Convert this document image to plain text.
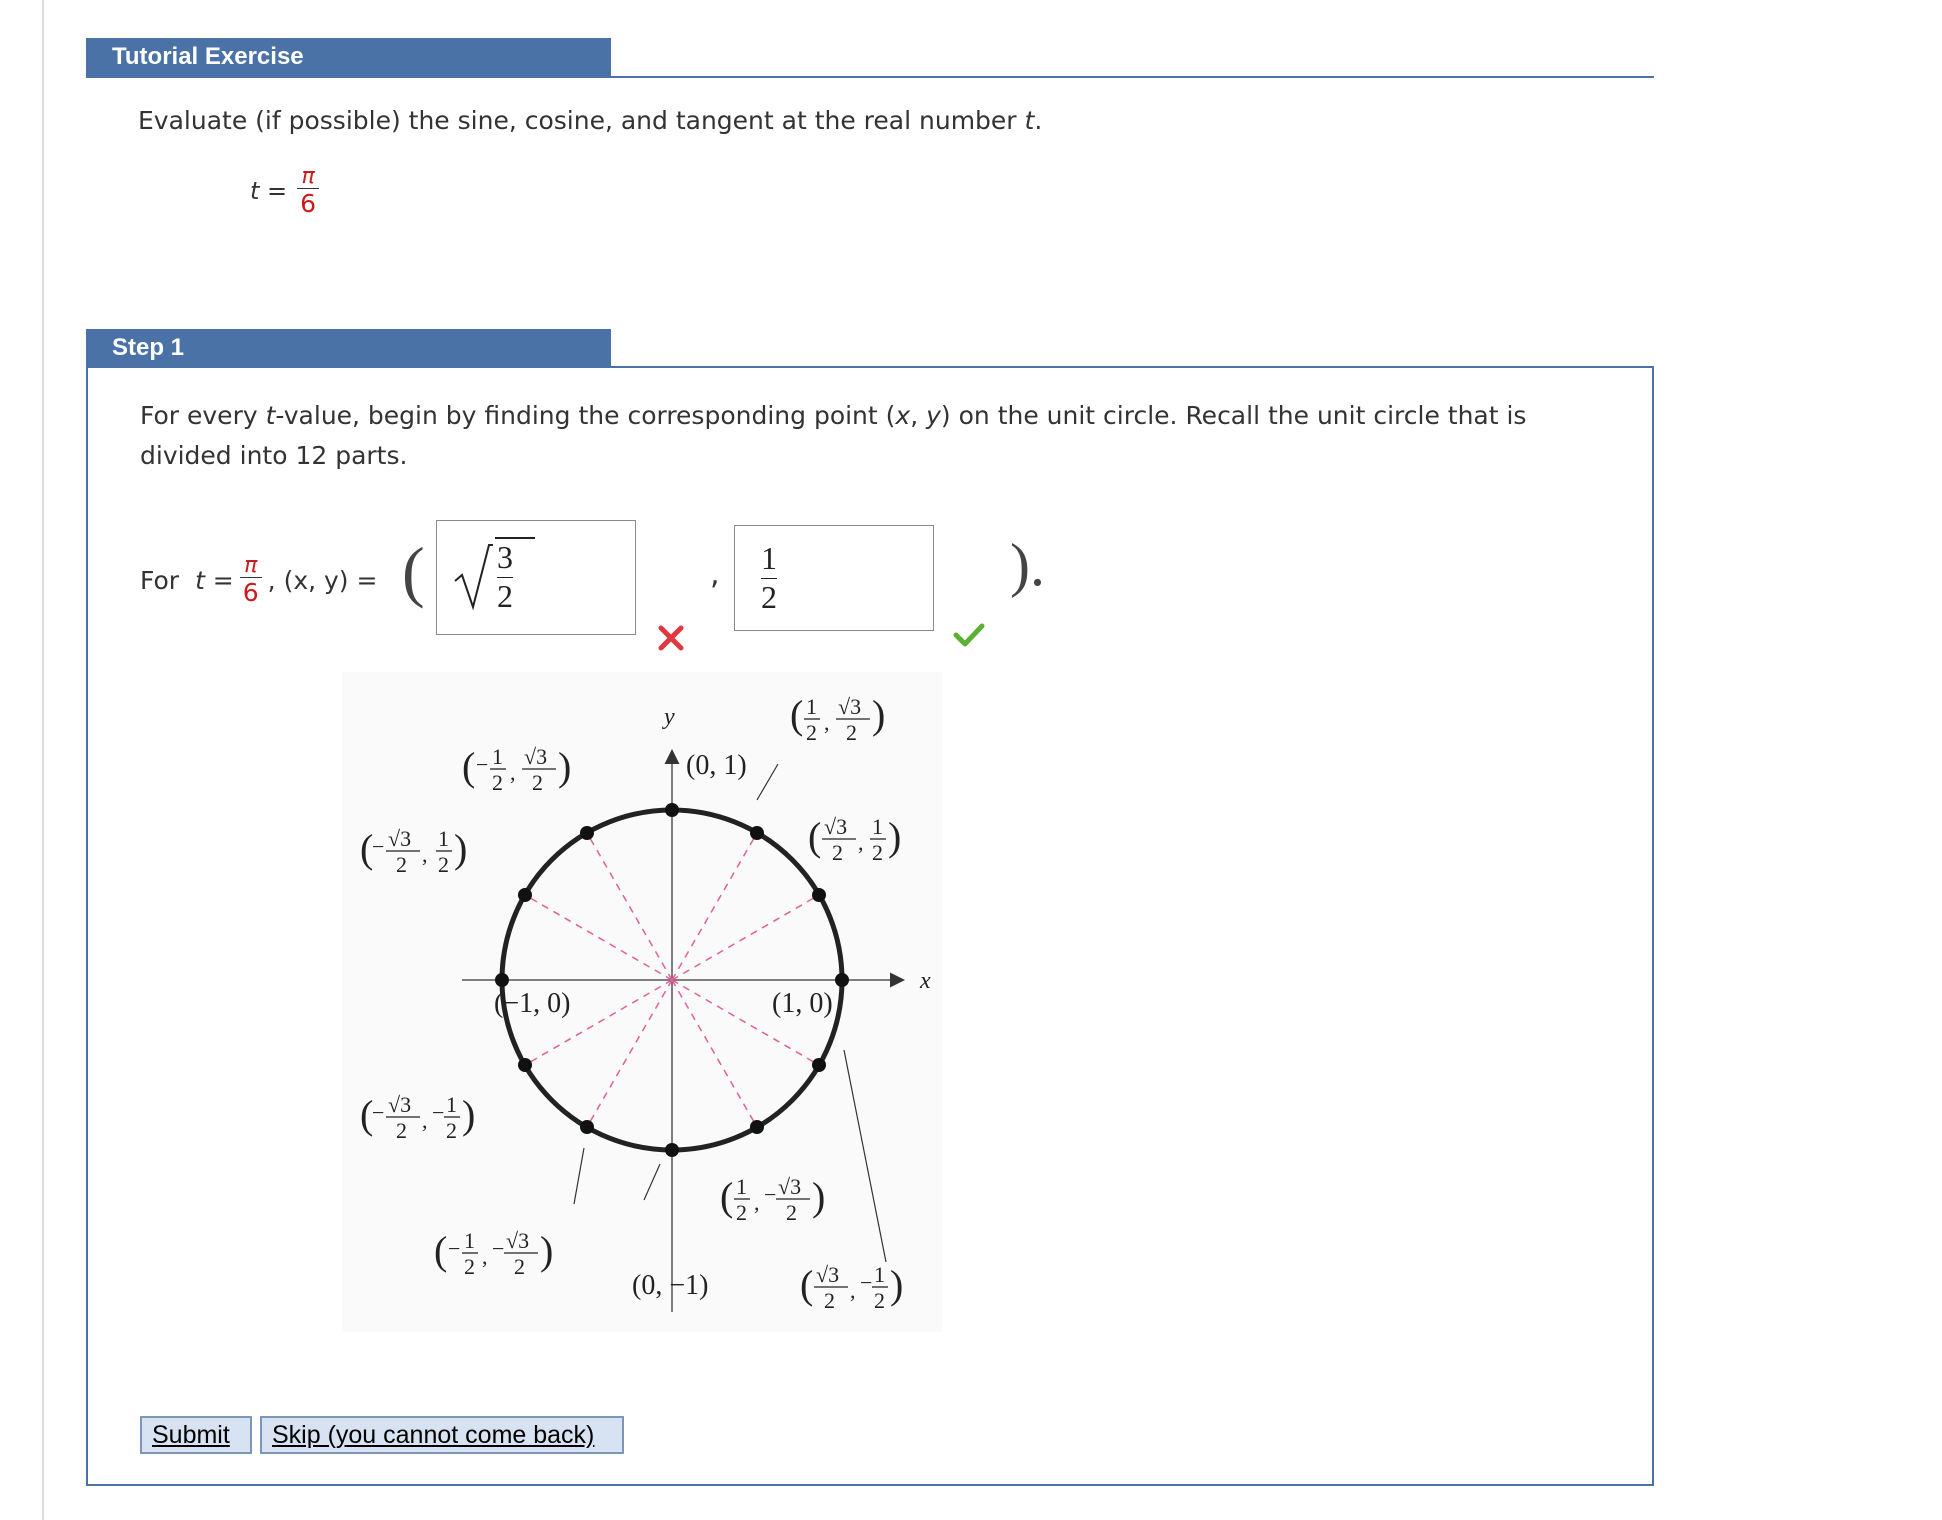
Tutorial Exercise
Evaluate (if possible) the sine, cosine, and tangent at the real number t.
$t = \frac{\pi}{6}$
Step 1
For every t-value, begin by finding the corresponding point (x, y) on the unit circle. Recall the unit circle that is divided into 12 parts.
For $t = \frac{\pi}{6}$ , (x, y) = ( 3
2
, 1
2	).
y
x
(0, 1)
(0, −1)
(−1, 0)	(1, 0)
( 1
2 ,
√3
2 )
( √3
2 ,
1
2 )
( − 1
2 ,
√3
2 )
(
− √3
2 ,
1
2 )
(
− √3
2 , − 1
2 )
( − 1
2 , − √3
2 )
( 1
2 , − √3
2 )
( √3
2 , − 1
2 )
Submit	Skip (you cannot come back)
